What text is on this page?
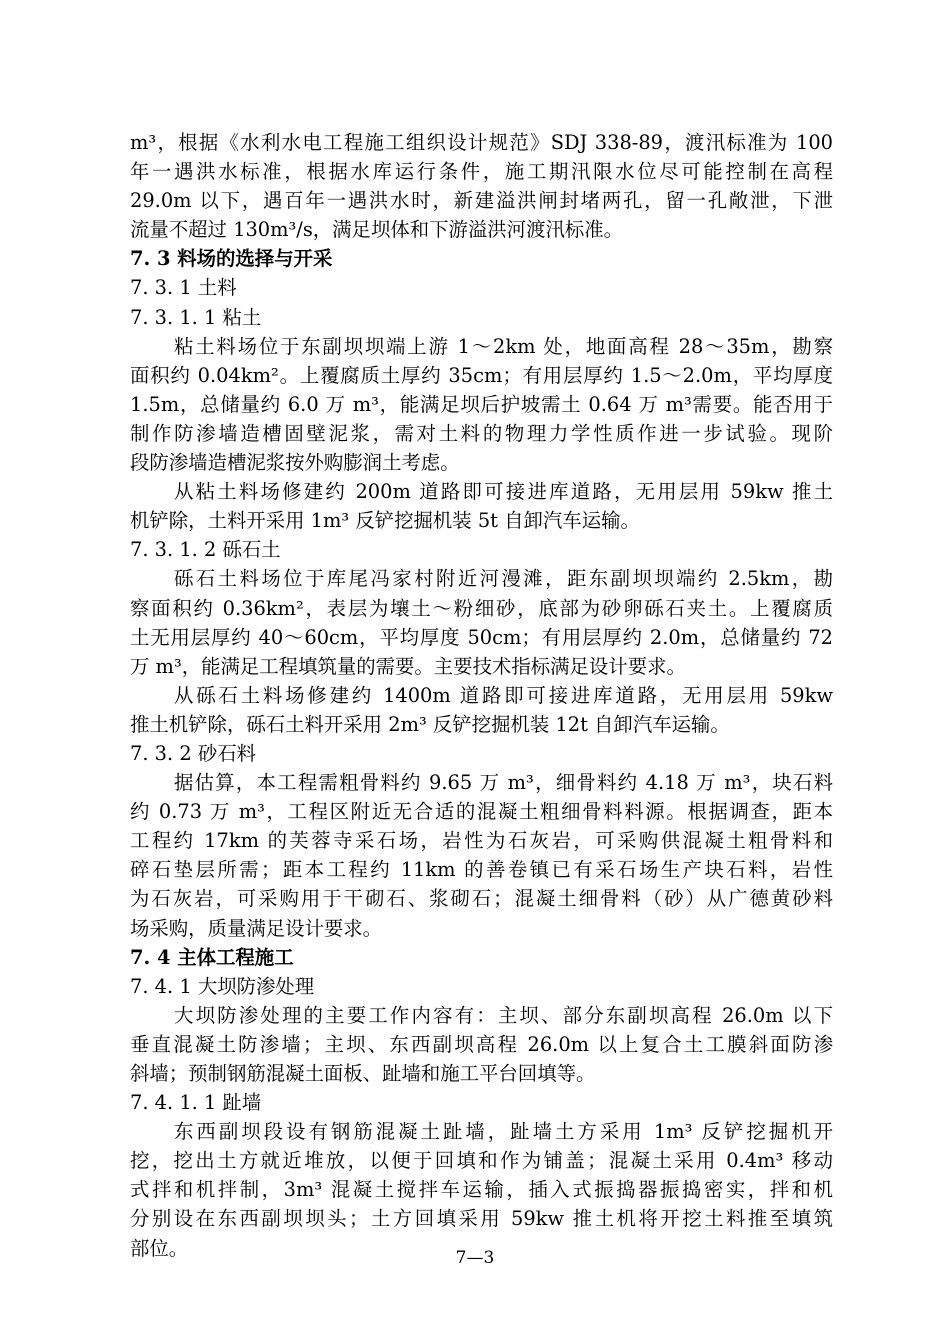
m³，根据《水利水电工程施工组织设计规范》SDJ 338-89，渡汛标准为 100
年一遇洪水标准，根据水库运行条件，施工期汛限水位尽可能控制在高程
29.0m 以下，遇百年一遇洪水时，新建溢洪闸封堵两孔，留一孔敞泄，下泄
流量不超过 130m³/s，满足坝体和下游溢洪河渡汛标准。
7. 3 料场的选择与开采
7. 3. 1 土料
7. 3. 1. 1 粘土
粘土料场位于东副坝坝端上游 1～2km 处，地面高程 28～35m，勘察
面积约 0.04km²。上覆腐质土厚约 35cm；有用层厚约 1.5～2.0m，平均厚度
1.5m，总储量约 6.0 万 m³，能满足坝后护坡需土 0.64 万 m³需要。能否用于
制作防渗墙造槽固壁泥浆，需对土料的物理力学性质作进一步试验。现阶
段防渗墙造槽泥浆按外购膨润土考虑。
从粘土料场修建约 200m 道路即可接进库道路，无用层用 59kw 推土
机铲除，土料开采用 1m³ 反铲挖掘机装 5t 自卸汽车运输。
7. 3. 1. 2 砾石土
砾石土料场位于库尾冯家村附近河漫滩，距东副坝坝端约 2.5km，勘
察面积约 0.36km²，表层为壤土～粉细砂，底部为砂卵砾石夹土。上覆腐质
土无用层厚约 40～60cm，平均厚度 50cm；有用层厚约 2.0m，总储量约 72
万 m³，能满足工程填筑量的需要。主要技术指标满足设计要求。
从砾石土料场修建约 1400m 道路即可接进库道路，无用层用 59kw
推土机铲除，砾石土料开采用 2m³ 反铲挖掘机装 12t 自卸汽车运输。
7. 3. 2 砂石料
据估算，本工程需粗骨料约 9.65 万 m³，细骨料约 4.18 万 m³，块石料
约 0.73 万 m³，工程区附近无合适的混凝土粗细骨料料源。根据调查，距本
工程约 17km 的芙蓉寺采石场，岩性为石灰岩，可采购供混凝土粗骨料和
碎石垫层所需；距本工程约 11km 的善卷镇已有采石场生产块石料，岩性
为石灰岩，可采购用于干砌石、浆砌石；混凝土细骨料（砂）从广德黄砂料
场采购，质量满足设计要求。
7. 4 主体工程施工
7. 4. 1 大坝防渗处理
大坝防渗处理的主要工作内容有：主坝、部分东副坝高程 26.0m 以下
垂直混凝土防渗墙；主坝、东西副坝高程 26.0m 以上复合土工膜斜面防渗
斜墙；预制钢筋混凝土面板、趾墙和施工平台回填等。
7. 4. 1. 1 趾墙
东西副坝段设有钢筋混凝土趾墙，趾墙土方采用 1m³ 反铲挖掘机开
挖，挖出土方就近堆放，以便于回填和作为铺盖；混凝土采用 0.4m³ 移动
式拌和机拌制，3m³ 混凝土搅拌车运输，插入式振捣器振捣密实，拌和机
分别设在东西副坝坝头；土方回填采用 59kw 推土机将开挖土料推至填筑
部位。	7—3
